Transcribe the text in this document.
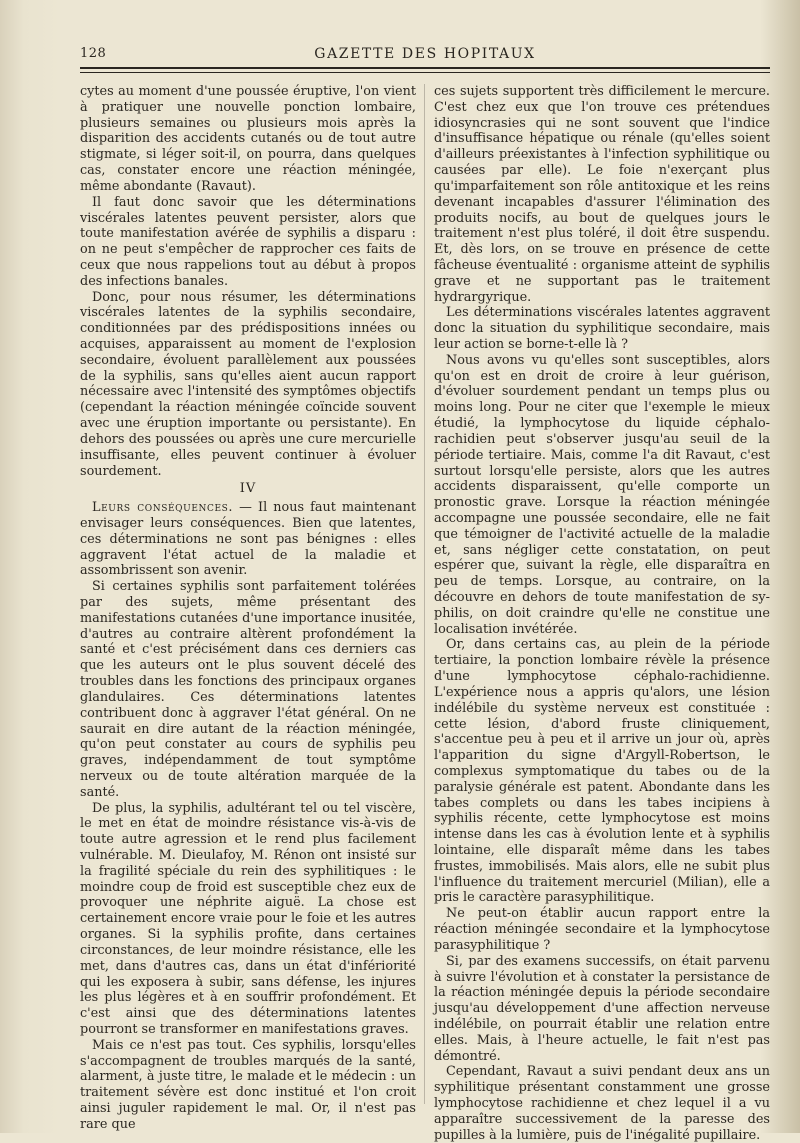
128	GAZETTE DES HOPITAUX

cytes au moment d'une poussée éruptive, l'on vient à pratiquer une nouvelle ponction lombaire, plusieurs semaines ou plusieurs mois après la disparition des accidents cutanés ou de tout autre stigmate, si léger soit-il, on pourra, dans quelques cas, constater encore une réaction méningée, même abondante (Ravaut).

Il faut donc savoir que les déterminations viscérales latentes peuvent persister, alors que toute manifestation avérée de syphilis a disparu : on ne peut s'empêcher de rapprocher ces faits de ceux que nous rappelions tout au début à propos des infections banales.

Donc, pour nous résumer, les déterminations viscérales latentes de la syphilis secondaire, conditionnées par des prédispositions innées ou acquises, apparaissent au moment de l'explosion secondaire, évoluent parallèlement aux poussées de la syphilis, sans qu'elles aient aucun rapport nécessaire avec l'intensité des symptômes objectifs (cependant la réaction méningée coïncide souvent avec une éruption importante ou persistante). En dehors des poussées ou après une cure mercurielle insuffisante, elles peuvent continuer à évoluer sourdement.

IV

Leurs conséquences. — Il nous faut maintenant envisager leurs conséquences. Bien que latentes, ces déterminations ne sont pas bénignes : elles aggravent l'état actuel de la maladie et assombrissent son avenir.

Si certaines syphilis sont parfaitement tolérées par des sujets, même présentant des manifestations cutanées d'une importance inusitée, d'autres au contraire altèrent profondément la santé et c'est précisément dans ces derniers cas que les auteurs ont le plus souvent décelé des troubles dans les fonctions des principaux organes glandulaires. Ces déterminations latentes contribuent donc à aggraver l'état général. On ne saurait en dire autant de la réaction méningée, qu'on peut constater au cours de syphilis peu graves, indépendamment de tout symptôme nerveux ou de toute altération marquée de la santé.

De plus, la syphilis, adultérant tel ou tel viscère, le met en état de moindre résistance vis-à-vis de toute autre agression et le rend plus facilement vulnérable. M. Dieulafoy, M. Rénon ont insisté sur la fragilité spéciale du rein des syphilitiques : le moindre coup de froid est susceptible chez eux de provoquer une néphrite aiguë. La chose est certainement encore vraie pour le foie et les autres organes. Si la syphilis profite, dans certaines circonstances, de leur moindre résistance, elle les met, dans d'autres cas, dans un état d'infériorité qui les exposera à subir, sans défense, les injures les plus légères et à en souffrir profondément. Et c'est ainsi que des déterminations latentes pourront se transformer en manifestations graves.

Mais ce n'est pas tout. Ces syphilis, lorsqu'elles s'accompagnent de troubles marqués de la santé, alarment, à juste titre, le malade et le médecin : un traitement sévère est donc institué et l'on croit ainsi juguler rapidement le mal. Or, il n'est pas rare que

ces sujets supportent très difficilement le mercure. C'est chez eux que l'on trouve ces prétendues idiosyncrasies qui ne sont souvent que l'indice d'insuffisance hépatique ou rénale (qu'elles soient d'ailleurs préexistantes à l'infection syphilitique ou causées par elle). Le foie n'exerçant plus qu'imparfaitement son rôle antitoxique et les reins devenant incapables d'assurer l'élimination des produits nocifs, au bout de quelques jours le traitement n'est plus toléré, il doit être suspendu. Et, dès lors, on se trouve en présence de cette fâcheuse éventualité : organisme atteint de syphilis grave et ne supportant pas le traitement hydrargyrique.

Les déterminations viscérales latentes aggravent donc la situation du syphilitique secondaire, mais leur action se borne-t-elle là ?

Nous avons vu qu'elles sont susceptibles, alors qu'on est en droit de croire à leur guérison, d'évoluer sourdement pendant un temps plus ou moins long. Pour ne citer que l'exemple le mieux étudié, la lymphocytose du liquide céphalo-rachidien peut s'observer jusqu'au seuil de la période tertiaire. Mais, comme l'a dit Ravaut, c'est surtout lorsqu'elle persiste, alors que les autres accidents disparaissent, qu'elle comporte un pronostic grave. Lorsque la réaction méningée accompagne une poussée secondaire, elle ne fait que témoigner de l'activité actuelle de la maladie et, sans négliger cette constatation, on peut espérer que, suivant la règle, elle disparaîtra en peu de temps. Lorsque, au contraire, on la découvre en dehors de toute manifestation de sy-philis, on doit craindre qu'elle ne constitue une localisation invétérée.

Or, dans certains cas, au plein de la période tertiaire, la ponction lombaire révèle la présence d'une lymphocytose céphalo-rachidienne. L'expérience nous a appris qu'alors, une lésion indélébile du système nerveux est constituée : cette lésion, d'abord fruste cliniquement, s'accentue peu à peu et il arrive un jour où, après l'apparition du signe d'Argyll-Robertson, le complexus symptomatique du tabes ou de la paralysie générale est patent. Abondante dans les tabes complets ou dans les tabes incipiens à syphilis récente, cette lymphocytose est moins intense dans les cas à évolution lente et à syphilis lointaine, elle disparaît même dans les tabes frustes, immobilisés. Mais alors, elle ne subit plus l'influence du traitement mercuriel (Milian), elle a pris le caractère parasyphilitique.

Ne peut-on établir aucun rapport entre la réaction méningée secondaire et la lymphocytose parasyphilitique ?

Si, par des examens successifs, on était parvenu à suivre l'évolution et à constater la persistance de la réaction méningée depuis la période secondaire jusqu'au développement d'une affection nerveuse indélébile, on pourrait établir une relation entre elles. Mais, à l'heure actuelle, le fait n'est pas démontré.

Cependant, Ravaut a suivi pendant deux ans un syphilitique présentant constamment une grosse lymphocytose rachidienne et chez lequel il a vu apparaître successivement de la paresse des pupilles à la lumière, puis de l'inégalité pupillaire.
